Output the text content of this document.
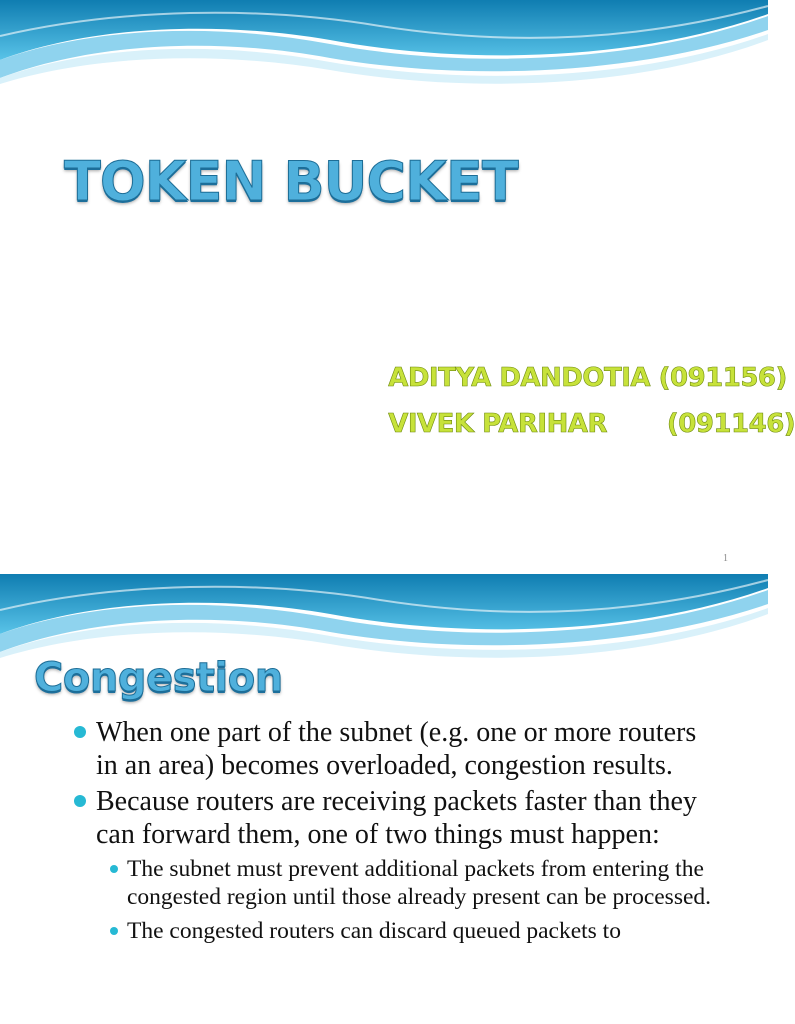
TOKEN BUCKET

ADITYA DANDOTIA (091156)

VIVEK PARIHAR (091146)

1
Congestion
When one part of the subnet (e.g. one or more routers in an area) becomes overloaded, congestion results.
Because routers are receiving packets faster than they can forward them, one of two things must happen:
The subnet must prevent additional packets from entering the congested region until those already present can be processed.
The congested routers can discard queued packets to
